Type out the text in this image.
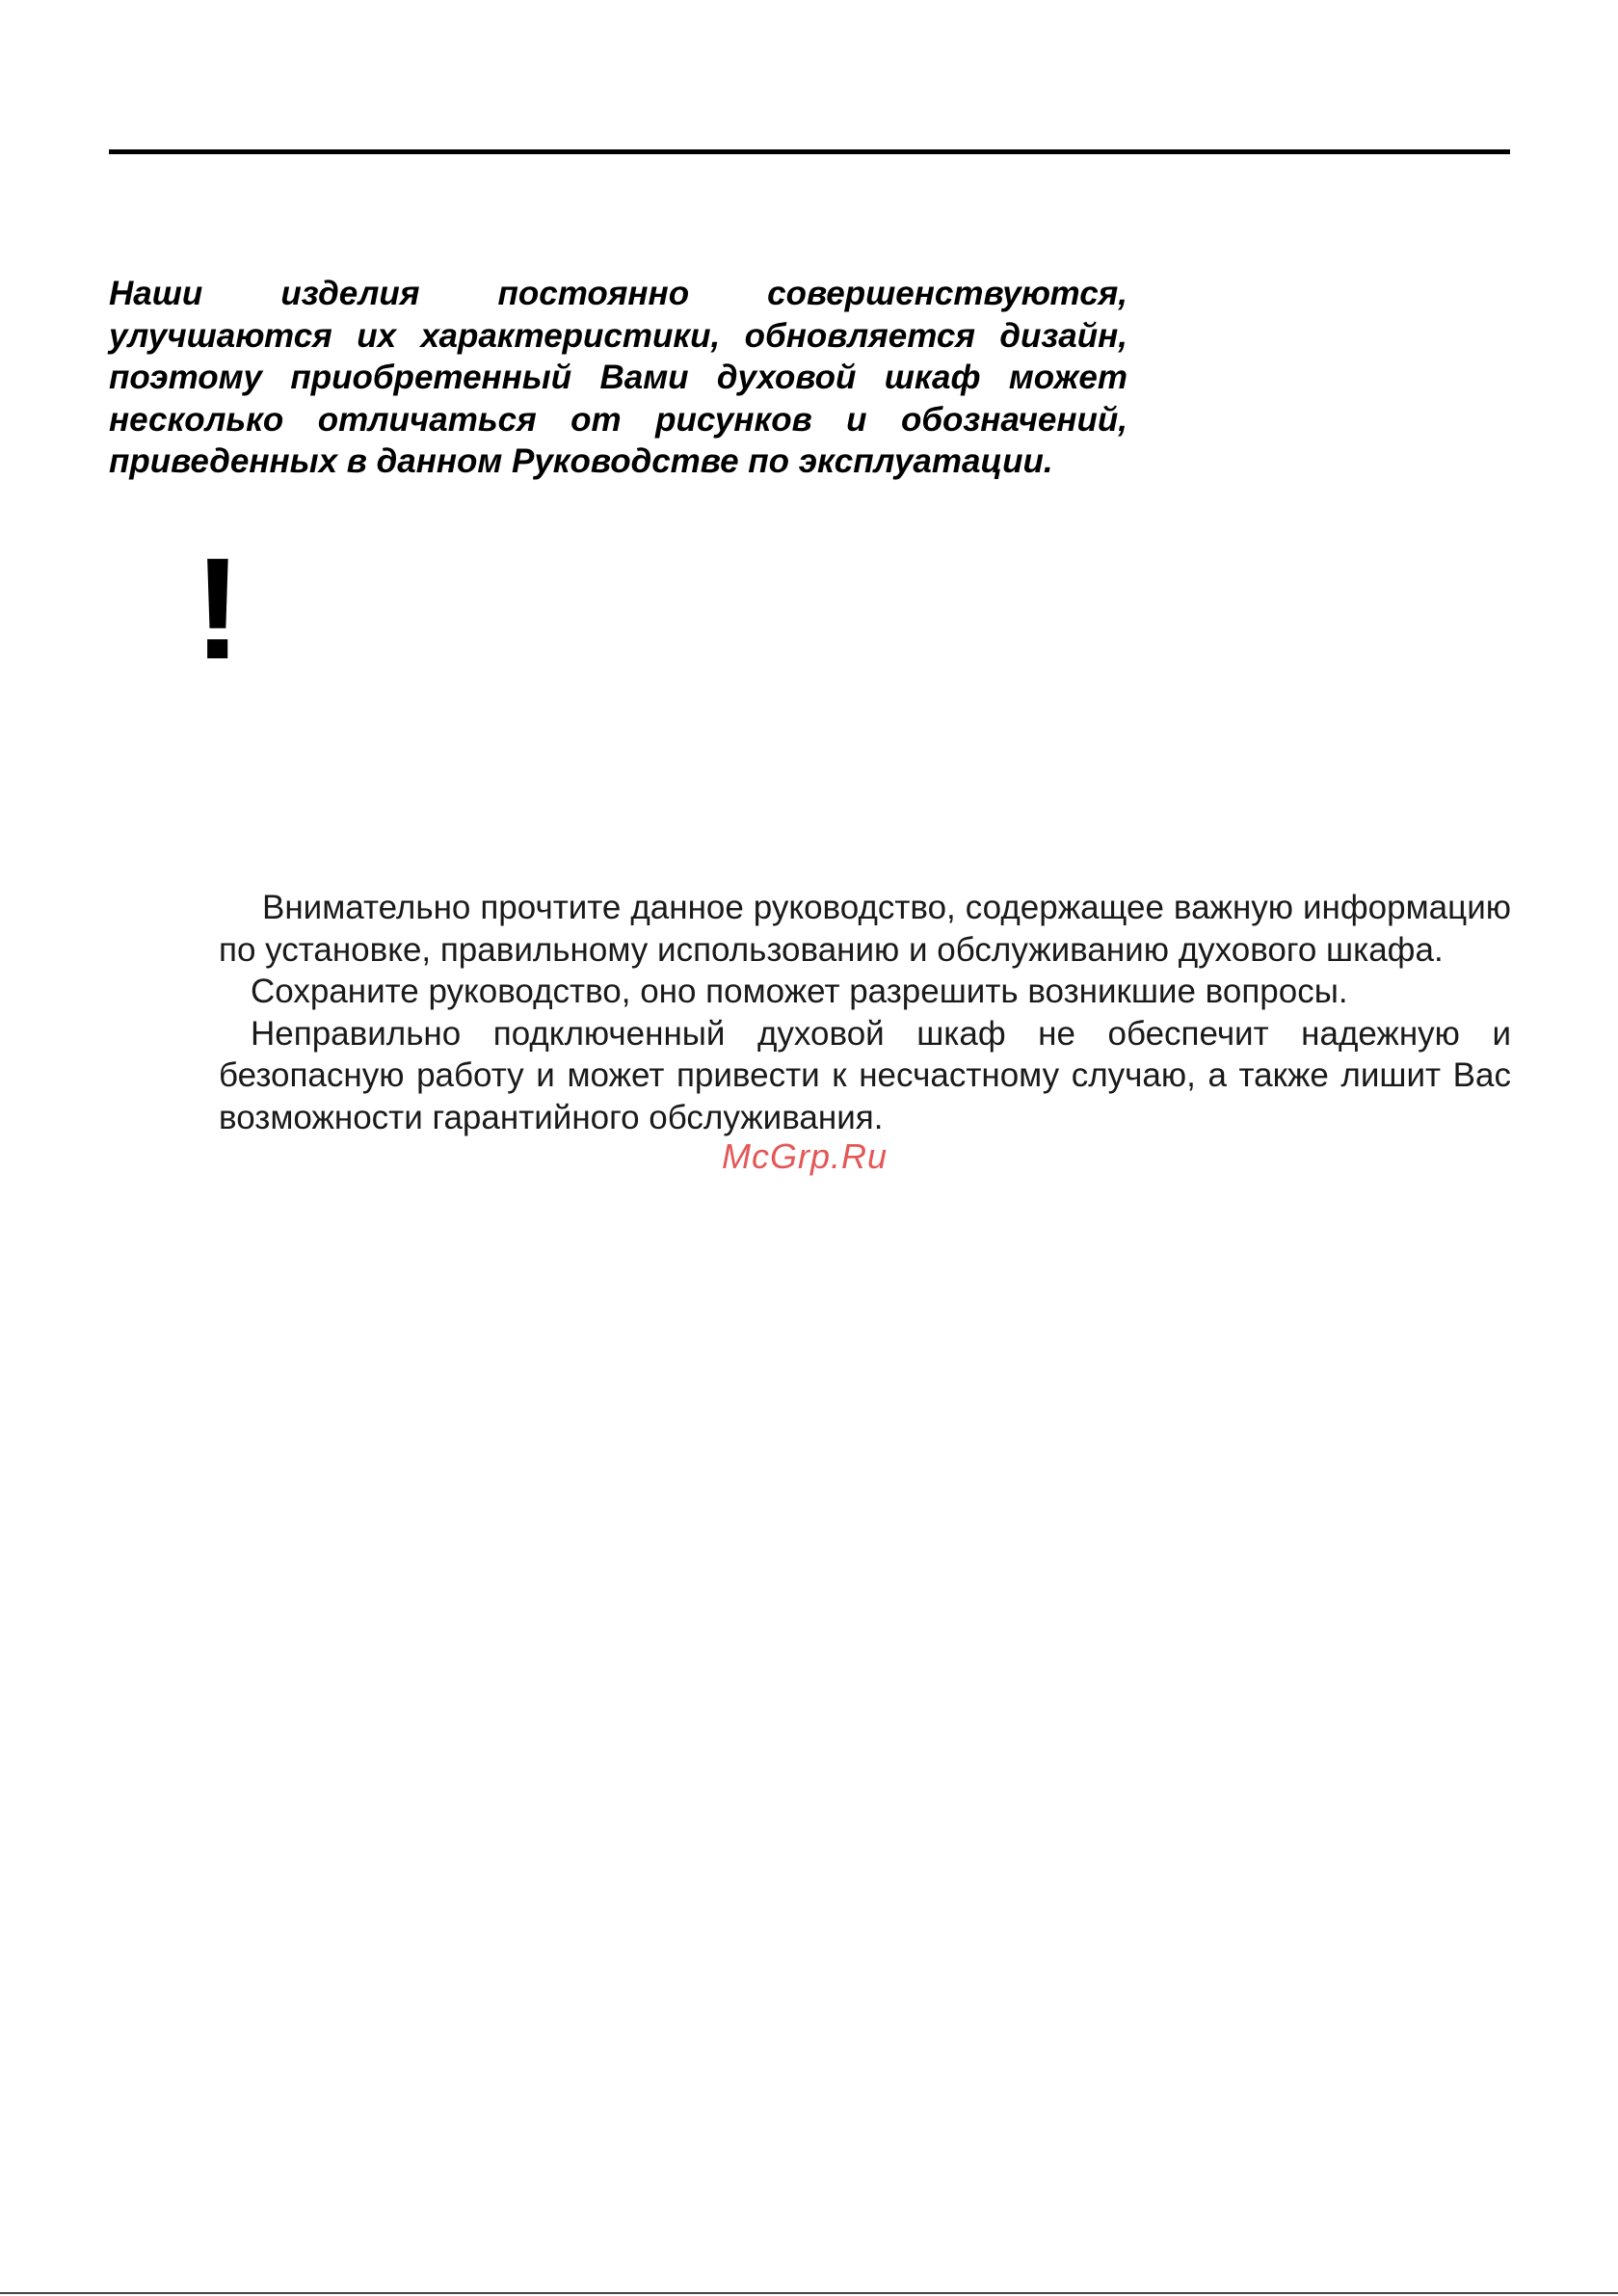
Наши изделия постоянно совершенствуются, улучшаются их характеристики, обновляется дизайн, поэтому приобретенный Вами духовой шкаф может несколько отличаться от рисунков и обозначений, приведенных в данном Руководстве по эксплуатации.
!

Внимательно прочтите данное руководство, содержащее важную информацию по установке, правильному использованию и обслуживанию духового шкафа.

Сохраните руководство, оно поможет разрешить возникшие вопросы.

Неправильно подключенный духовой шкаф не обеспечит надежную и безопасную работу и может привести к несчастному случаю, а также лишит Вас возможности гарантийного обслуживания.

McGrp.Ru
